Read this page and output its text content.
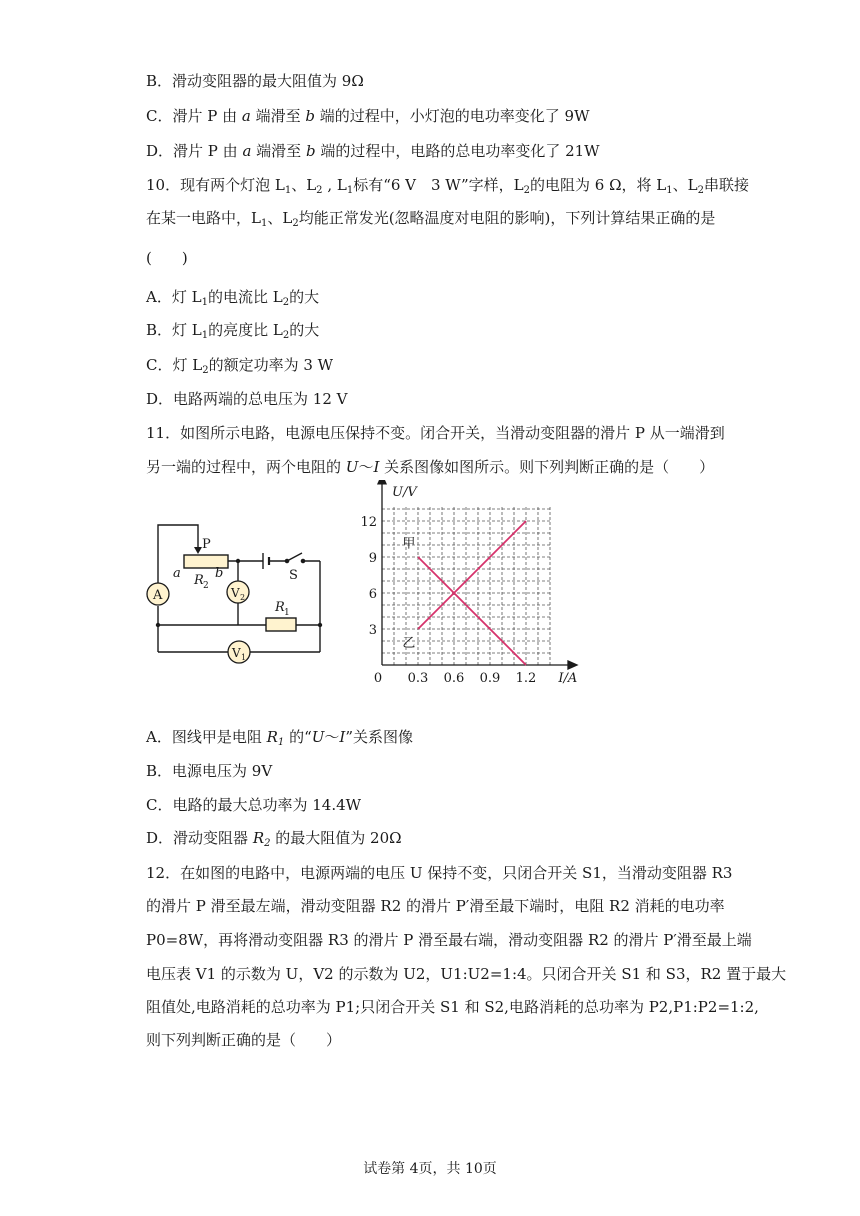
B．滑动变阻器的最大阻值为 9Ω
C．滑片 P 由 a 端滑至 b 端的过程中，小灯泡的电功率变化了 9W
D．滑片 P 由 a 端滑至 b 端的过程中，电路的总电功率变化了 21W
10．现有两个灯泡 $L_1$、$L_2$ , $L_1$标有“6 V　3 W”字样，$L_2$的电阻为 6 Ω，将 $L_1$、$L_2$串联接
在某一电路中，$L_1$、$L_2$均能正常发光(忽略温度对电阻的影响)，下列计算结果正确的是
(　　)
A．灯 $L_1$的电流比 $L_2$的大
B．灯 $L_1$的亮度比 $L_2$的大
C．灯 $L_2$的额定功率为 3 W
D．电路两端的总电压为 12 V
11．如图所示电路，电源电压保持不变。闭合开关，当滑动变阻器的滑片 P 从一端滑到
另一端的过程中，两个电阻的 U～I 关系图像如图所示。则下列判断正确的是（　　）
P
a	b
R 2
R 1
S
A	V 2
V 1
0 0.3 0.6 0.9 1.2
3
6
9
12
U/V
I/A
甲
乙
A．图线甲是电阻 $R_1$ 的“U～I”关系图像
B．电源电压为 9V
C．电路的最大总功率为 14.4W
D．滑动变阻器 $R_2$ 的最大阻值为 20Ω
12．在如图的电路中，电源两端的电压 U 保持不变，只闭合开关 S1，当滑动变阻器 R3
的滑片 P 滑至最左端，滑动变阻器 R2 的滑片 P′滑至最下端时，电阻 R2 消耗的电功率
P0=8W，再将滑动变阻器 R3 的滑片 P 滑至最右端，滑动变阻器 R2 的滑片 P′滑至最上端
电压表 V1 的示数为 U，V2 的示数为 U2，U1:U2=1:4。只闭合开关 S1 和 S3，R2 置于最大
阻值处,电路消耗的总功率为 P1;只闭合开关 S1 和 S2,电路消耗的总功率为 P2,P1:P2=1:2,
则下列判断正确的是（　　）
试卷第 4页，共 10页
